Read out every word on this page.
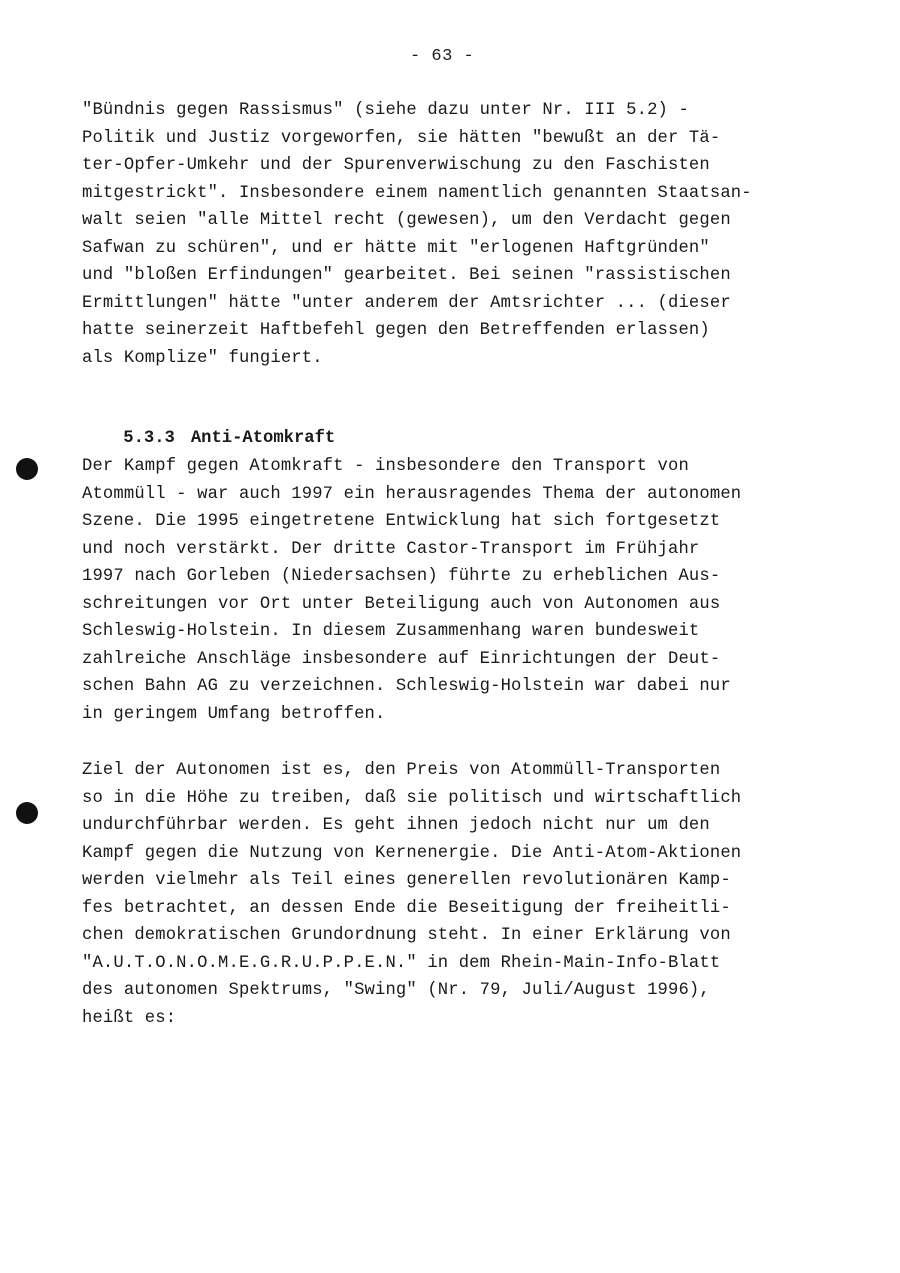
- 63 -
"Bündnis gegen Rassismus" (siehe dazu unter Nr. III 5.2) -
Politik und Justiz vorgeworfen, sie hätten "bewußt an der Tä-
ter-Opfer-Umkehr und der Spurenverwischung zu den Faschisten
mitgestrickt". Insbesondere einem namentlich genannten Staatsan-
walt seien "alle Mittel recht (gewesen), um den Verdacht gegen
Safwan zu schüren", und er hätte mit "erlogenen Haftgründen"
und "bloßen Erfindungen" gearbeitet. Bei seinen "rassistischen
Ermittlungen" hätte "unter anderem der Amtsrichter ... (dieser
hatte seinerzeit Haftbefehl gegen den Betreffenden erlassen)
als Komplize" fungiert.

5.3.3 Anti-Atomkraft

Der Kampf gegen Atomkraft - insbesondere den Transport von
Atommüll - war auch 1997 ein herausragendes Thema der autonomen
Szene. Die 1995 eingetretene Entwicklung hat sich fortgesetzt
und noch verstärkt. Der dritte Castor-Transport im Frühjahr
1997 nach Gorleben (Niedersachsen) führte zu erheblichen Aus-
schreitungen vor Ort unter Beteiligung auch von Autonomen aus
Schleswig-Holstein. In diesem Zusammenhang waren bundesweit
zahlreiche Anschläge insbesondere auf Einrichtungen der Deut-
schen Bahn AG zu verzeichnen. Schleswig-Holstein war dabei nur
in geringem Umfang betroffen.
Ziel der Autonomen ist es, den Preis von Atommüll-Transporten
so in die Höhe zu treiben, daß sie politisch und wirtschaftlich
undurchführbar werden. Es geht ihnen jedoch nicht nur um den
Kampf gegen die Nutzung von Kernenergie. Die Anti-Atom-Aktionen
werden vielmehr als Teil eines generellen revolutionären Kamp-
fes betrachtet, an dessen Ende die Beseitigung der freiheitli-
chen demokratischen Grundordnung steht. In einer Erklärung von
"A.U.T.O.N.O.M.E.G.R.U.P.P.E.N." in dem Rhein-Main-Info-Blatt
des autonomen Spektrums, "Swing" (Nr. 79, Juli/August 1996),
heißt es:
